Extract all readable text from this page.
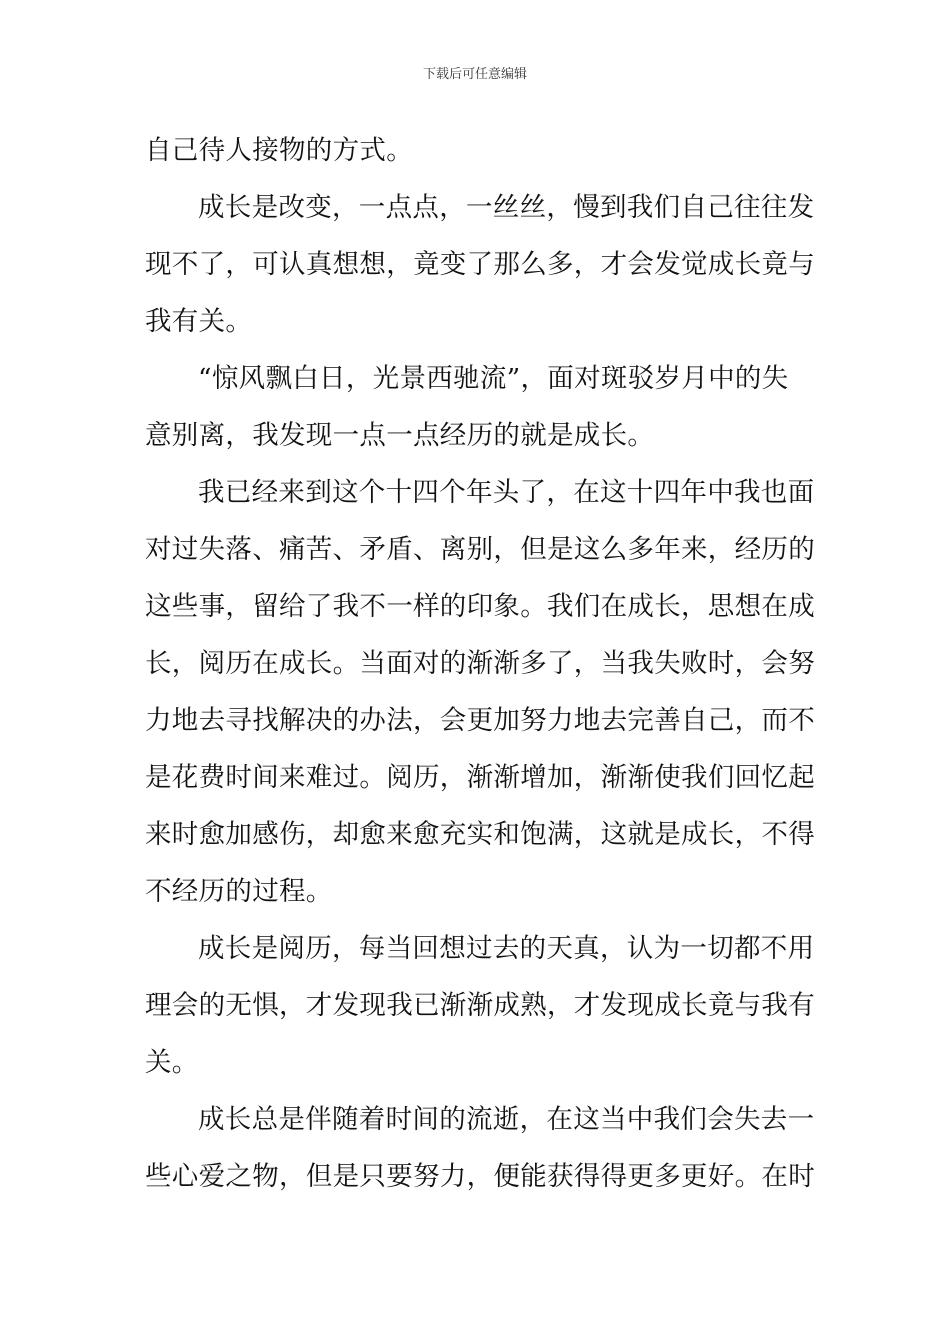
下载后可任意编辑
自己待人接物的方式。
成长是改变，一点点，一丝丝，慢到我们自己往往发
现不了，可认真想想，竟变了那么多，才会发觉成长竟与
我有关。
“惊风飘白日，光景西驰流”，面对斑驳岁月中的失
意别离，我发现一点一点经历的就是成长。
我已经来到这个十四个年头了，在这十四年中我也面
对过失落、痛苦、矛盾、离别，但是这么多年来，经历的
这些事，留给了我不一样的印象。我们在成长，思想在成
长，阅历在成长。当面对的渐渐多了，当我失败时，会努
力地去寻找解决的办法，会更加努力地去完善自己，而不
是花费时间来难过。阅历，渐渐增加，渐渐使我们回忆起
来时愈加感伤，却愈来愈充实和饱满，这就是成长，不得
不经历的过程。
成长是阅历，每当回想过去的天真，认为一切都不用
理会的无惧，才发现我已渐渐成熟，才发现成长竟与我有
关。
成长总是伴随着时间的流逝，在这当中我们会失去一
些心爱之物，但是只要努力，便能获得得更多更好。在时
